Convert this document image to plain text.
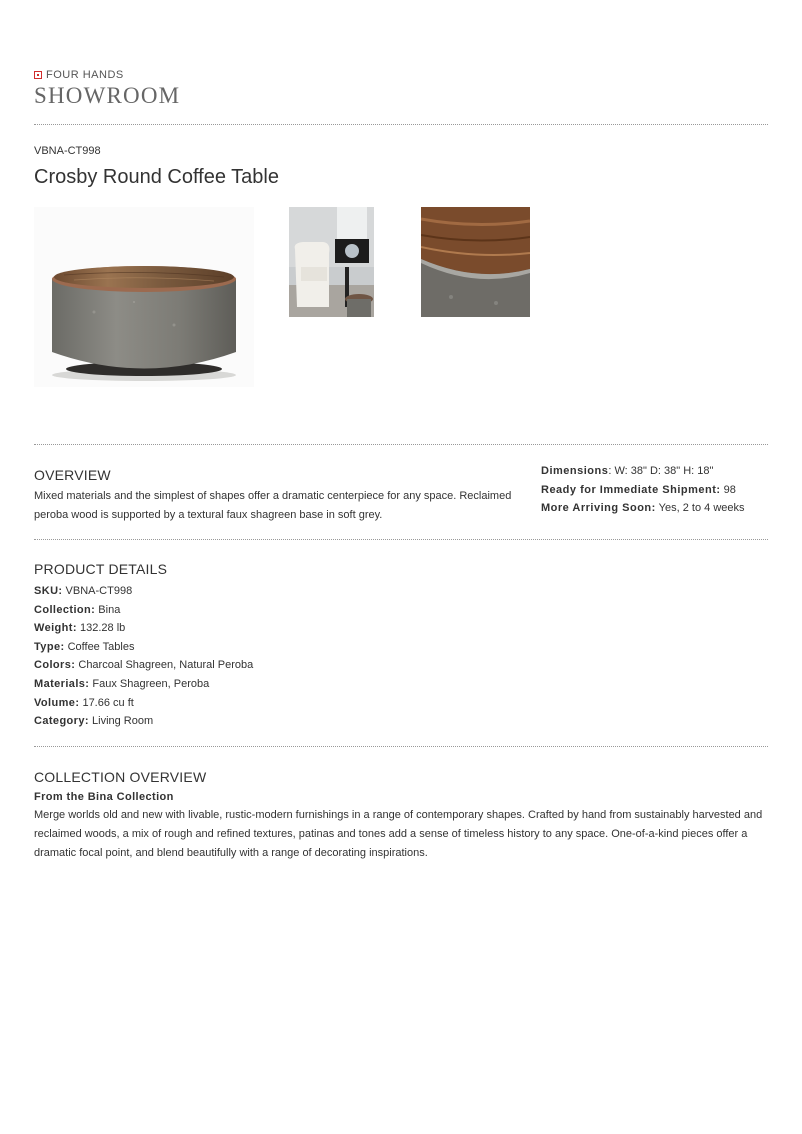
FOUR HANDS
SHOWROOM
VBNA-CT998
Crosby Round Coffee Table
OVERVIEW
Mixed materials and the simplest of shapes offer a dramatic centerpiece for any space. Reclaimed
peroba wood is supported by a textural faux shagreen base in soft grey.
Dimensions: W: 38" D: 38" H: 18"
Ready for Immediate Shipment: 98
More Arriving Soon: Yes, 2 to 4 weeks
PRODUCT DETAILS
SKU: VBNA-CT998
Collection: Bina
Weight: 132.28 lb
Type: Coffee Tables
Colors: Charcoal Shagreen, Natural Peroba
Materials: Faux Shagreen, Peroba
Volume: 17.66 cu ft
Category: Living Room
COLLECTION OVERVIEW
From the Bina Collection
Merge worlds old and new with livable, rustic-modern furnishings in a range of contemporary shapes. Crafted by hand from sustainably harvested and
reclaimed woods, a mix of rough and refined textures, patinas and tones add a sense of timeless history to any space. One-of-a-kind pieces offer a
dramatic focal point, and blend beautifully with a range of decorating inspirations.
